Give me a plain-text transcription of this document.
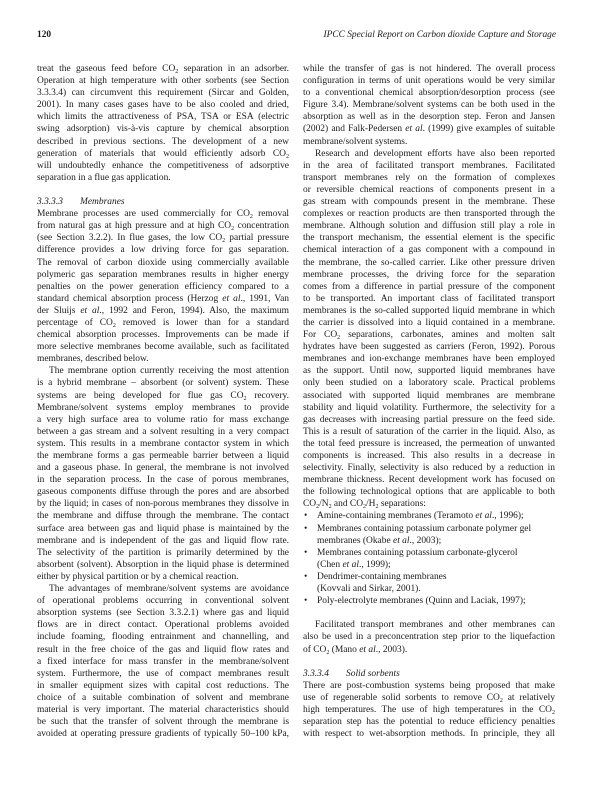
120	IPCC Special Report on Carbon dioxide Capture and Storage
treat the gaseous feed before $CO_2$ separation in an adsorber.
Operation at high temperature with other sorbents (see Section
3.3.3.4) can circumvent this requirement (Sircar and Golden,
2001). In many cases gases have to be also cooled and dried,
which limits the attractiveness of PSA, TSA or ESA (electric
swing adsorption) vis-à-vis capture by chemical absorption
described in previous sections. The development of a new
generation of materials that would efficiently adsorb $CO_2$
will undoubtedly enhance the competitiveness of adsorptive
separation in a flue gas application.
3.3.3.3 Membranes
Membrane processes are used commercially for $CO_2$ removal
from natural gas at high pressure and at high $CO_2$ concentration
(see Section 3.2.2). In flue gases, the low $CO_2$ partial pressure
difference provides a low driving force for gas separation.
The removal of carbon dioxide using commercially available
polymeric gas separation membranes results in higher energy
penalties on the power generation efficiency compared to a
standard chemical absorption process (Herzog et al., 1991, Van
der Sluijs et al., 1992 and Feron, 1994). Also, the maximum
percentage of $CO_2$ removed is lower than for a standard
chemical absorption processes. Improvements can be made if
more selective membranes become available, such as facilitated
membranes, described below.
The membrane option currently receiving the most attention
is a hybrid membrane – absorbent (or solvent) system. These
systems are being developed for flue gas $CO_2$ recovery.
Membrane/solvent systems employ membranes to provide
a very high surface area to volume ratio for mass exchange
between a gas stream and a solvent resulting in a very compact
system. This results in a membrane contactor system in which
the membrane forms a gas permeable barrier between a liquid
and a gaseous phase. In general, the membrane is not involved
in the separation process. In the case of porous membranes,
gaseous components diffuse through the pores and are absorbed
by the liquid; in cases of non-porous membranes they dissolve in
the membrane and diffuse through the membrane. The contact
surface area between gas and liquid phase is maintained by the
membrane and is independent of the gas and liquid flow rate.
The selectivity of the partition is primarily determined by the
absorbent (solvent). Absorption in the liquid phase is determined
either by physical partition or by a chemical reaction.
The advantages of membrane/solvent systems are avoidance
of operational problems occurring in conventional solvent
absorption systems (see Section 3.3.2.1) where gas and liquid
flows are in direct contact. Operational problems avoided
include foaming, flooding entrainment and channelling, and
result in the free choice of the gas and liquid flow rates and
a fixed interface for mass transfer in the membrane/solvent
system. Furthermore, the use of compact membranes result
in smaller equipment sizes with capital cost reductions. The
choice of a suitable combination of solvent and membrane
material is very important. The material characteristics should
be such that the transfer of solvent through the membrane is
avoided at operating pressure gradients of typically 50–100 kPa,
while the transfer of gas is not hindered. The overall process
configuration in terms of unit operations would be very similar
to a conventional chemical absorption/desorption process (see
Figure 3.4). Membrane/solvent systems can be both used in the
absorption as well as in the desorption step. Feron and Jansen
(2002) and Falk-Pedersen et al. (1999) give examples of suitable
membrane/solvent systems.
Research and development efforts have also been reported
in the area of facilitated transport membranes. Facilitated
transport membranes rely on the formation of complexes
or reversible chemical reactions of components present in a
gas stream with compounds present in the membrane. These
complexes or reaction products are then transported through the
membrane. Although solution and diffusion still play a role in
the transport mechanism, the essential element is the specific
chemical interaction of a gas component with a compound in
the membrane, the so-called carrier. Like other pressure driven
membrane processes, the driving force for the separation
comes from a difference in partial pressure of the component
to be transported. An important class of facilitated transport
membranes is the so-called supported liquid membrane in which
the carrier is dissolved into a liquid contained in a membrane.
For $CO_2$ separations, carbonates, amines and molten salt
hydrates have been suggested as carriers (Feron, 1992). Porous
membranes and ion-exchange membranes have been employed
as the support. Until now, supported liquid membranes have
only been studied on a laboratory scale. Practical problems
associated with supported liquid membranes are membrane
stability and liquid volatility. Furthermore, the selectivity for a
gas decreases with increasing partial pressure on the feed side.
This is a result of saturation of the carrier in the liquid. Also, as
the total feed pressure is increased, the permeation of unwanted
components is increased. This also results in a decrease in
selectivity. Finally, selectivity is also reduced by a reduction in
membrane thickness. Recent development work has focused on
the following technological options that are applicable to both
$CO_2/N_2$ and $CO_2/H_2$ separations:
• Amine-containing membranes (Teramoto et al., 1996);
• Membranes containing potassium carbonate polymer gel
membranes (Okabe et al., 2003);
• Membranes containing potassium carbonate-glycerol
(Chen et al., 1999);
• Dendrimer-containing membranes
(Kovvali and Sirkar, 2001).
• Poly-electrolyte membranes (Quinn and Laciak, 1997);
Facilitated transport membranes and other membranes can
also be used in a preconcentration step prior to the liquefaction
of $CO_2$ (Mano et al., 2003).
3.3.3.4 Solid sorbents
There are post-combustion systems being proposed that make
use of regenerable solid sorbents to remove $CO_2$ at relatively
high temperatures. The use of high temperatures in the $CO_2$
separation step has the potential to reduce efficiency penalties
with respect to wet-absorption methods. In principle, they all
